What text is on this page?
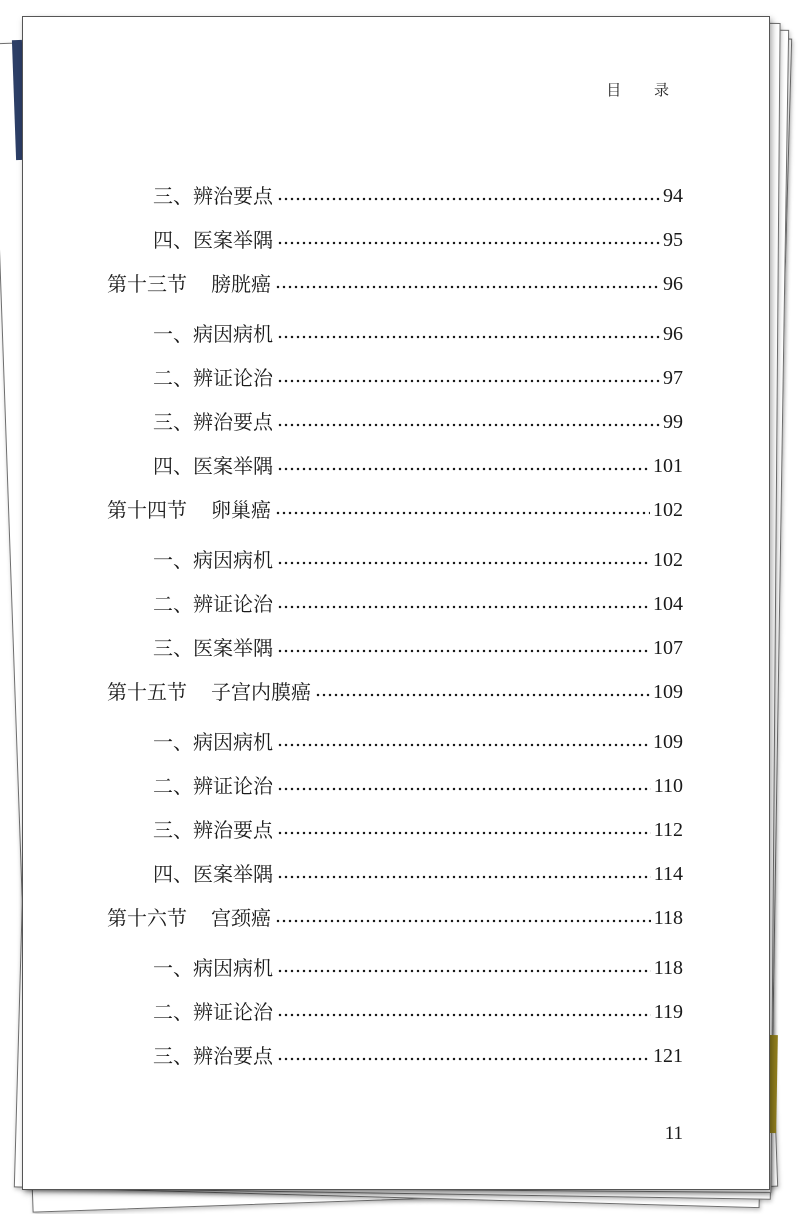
目 录
三、辨治要点	94
四、医案举隅	95
第十三节 膀胱癌	96
一、病因病机	96
二、辨证论治	97
三、辨治要点	99
四、医案举隅	101
第十四节 卵巢癌	102
一、病因病机	102
二、辨证论治	104
三、医案举隅	107
第十五节 子宫内膜癌	109
一、病因病机	109
二、辨证论治	110
三、辨治要点	112
四、医案举隅	114
第十六节 宫颈癌	118
一、病因病机	118
二、辨证论治	119
三、辨治要点	121
11
